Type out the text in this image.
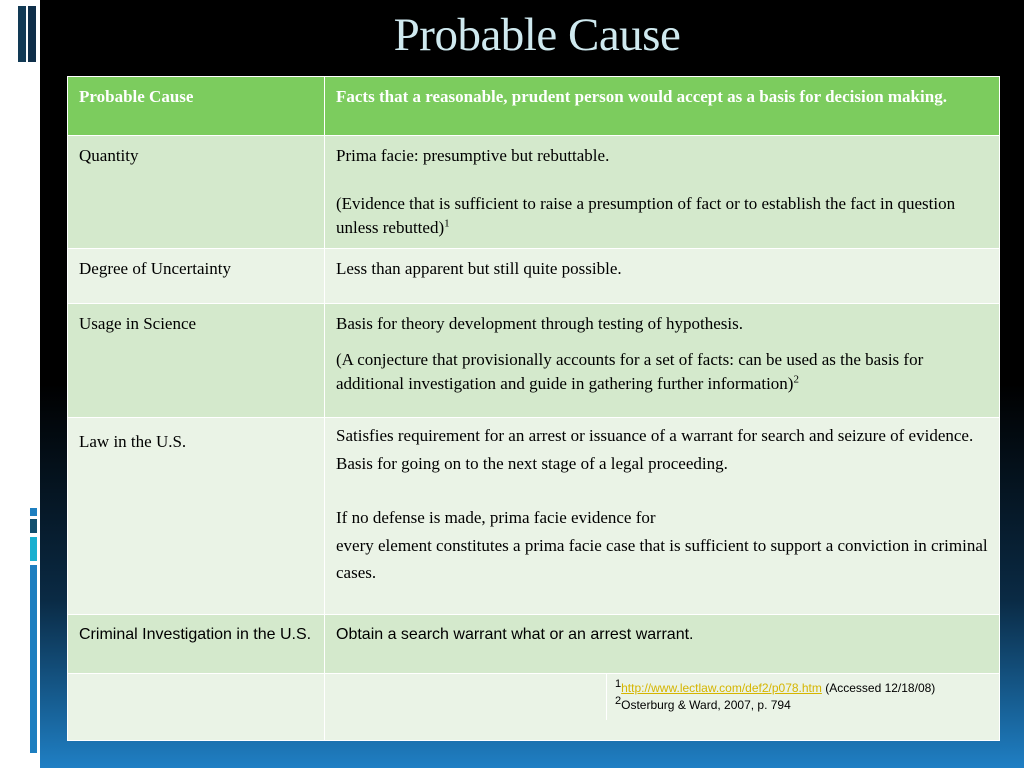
Probable Cause
Probable Cause	Facts that a reasonable, prudent person would accept as a basis for decision making.
Quantity	Prima facie: presumptive but rebuttable.

(Evidence that is sufficient to raise a presumption of fact or to establish the fact in question unless rebutted)$^1$

Degree of Uncertainty	Less than apparent but still quite possible.
Usage in Science	Basis for theory development through testing of hypothesis.

(A conjecture that provisionally accounts for a set of facts: can be used as the basis for additional investigation and guide in gathering further information)$^2$

Law in the U.S.	Satisfies requirement for an arrest or issuance of a warrant for search and seizure of evidence.

Basis for going on to the next stage of a legal proceeding.

If no defense is made, prima facie evidence for

every element constitutes a prima facie case that is sufficient to support a conviction in criminal cases.

Criminal Investigation in the U.S.	Obtain a search warrant what or an arrest warrant.

	$^1$http://www.lectlaw.com/def2/p078.htm (Accessed 12/18/08)
$^2$Osterburg & Ward, 2007, p. 794
